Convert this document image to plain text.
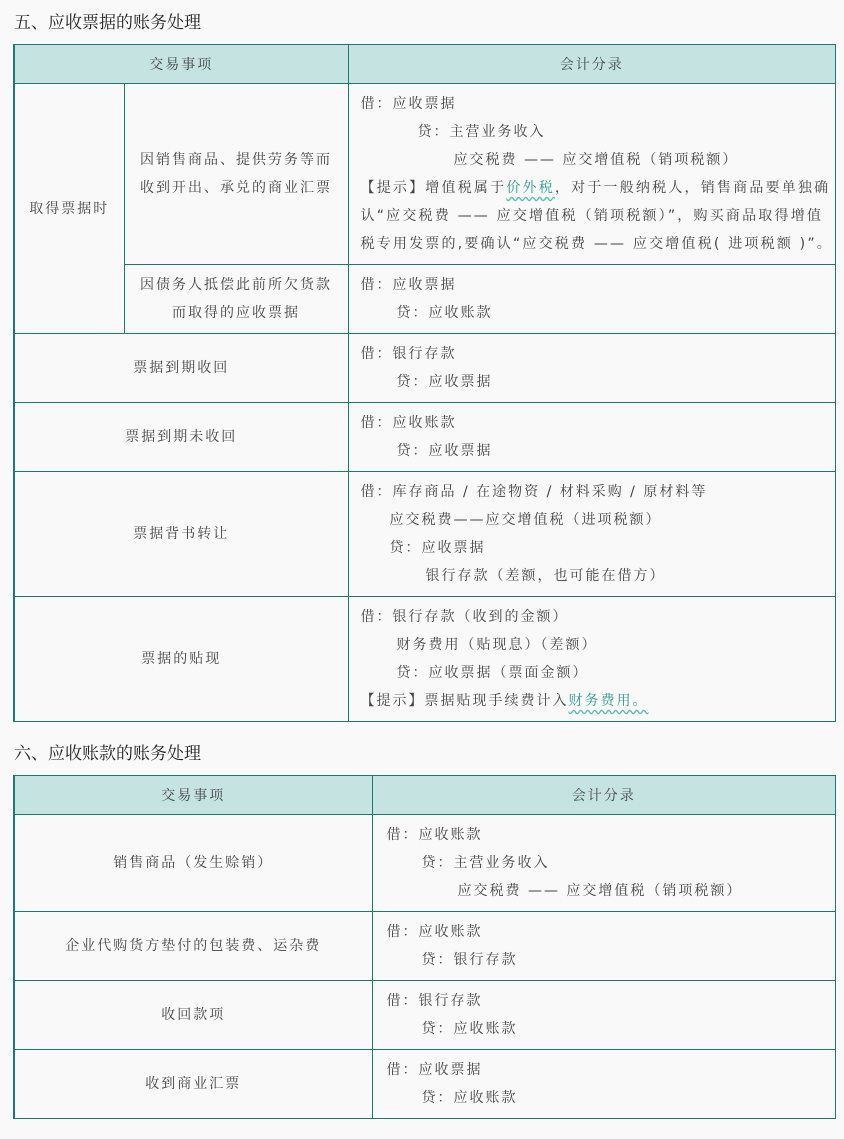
五、应收票据的账务处理
交易事项		会计分录
取得票据时	因销售商品、提供劳务等而收到开出、承兑的商业汇票	借：应收票据
贷：主营业务收入
应交税费 —— 应交增值税（销项税额）
【提示】增值税属于价外税，对于一般纳税人，销售商品要单独确认“应交税费 —— 应交增值税（销项税额）”，购买商品取得增值税专用发票的,要确认“应交税费 —— 应交增值税( 进项税额 )”。

	因债务人抵偿此前所欠货款而取得的应收票据	借：应收票据
贷：应收账款

票据到期收回		借：银行存款
贷：应收票据

票据到期未收回		借：应收账款
贷：应收票据

票据背书转让		借：库存商品 / 在途物资 / 材料采购 / 原材料等
应交税费——应交增值税（进项税额）
贷：应收票据
银行存款（差额，也可能在借方）

票据的贴现		借：银行存款（收到的金额）
财务费用（贴现息）（差额）
贷：应收票据（票面金额）
【提示】票据贴现手续费计入财务费用。
六、应收账款的账务处理
交易事项	会计分录
销售商品（发生赊销）	借：应收账款
贷：主营业务收入
应交税费 —— 应交增值税（销项税额）

企业代购货方垫付的包装费、运杂费	借：应收账款
贷：银行存款

收回款项	借：银行存款
贷：应收账款

收到商业汇票	借：应收票据
贷：应收账款
